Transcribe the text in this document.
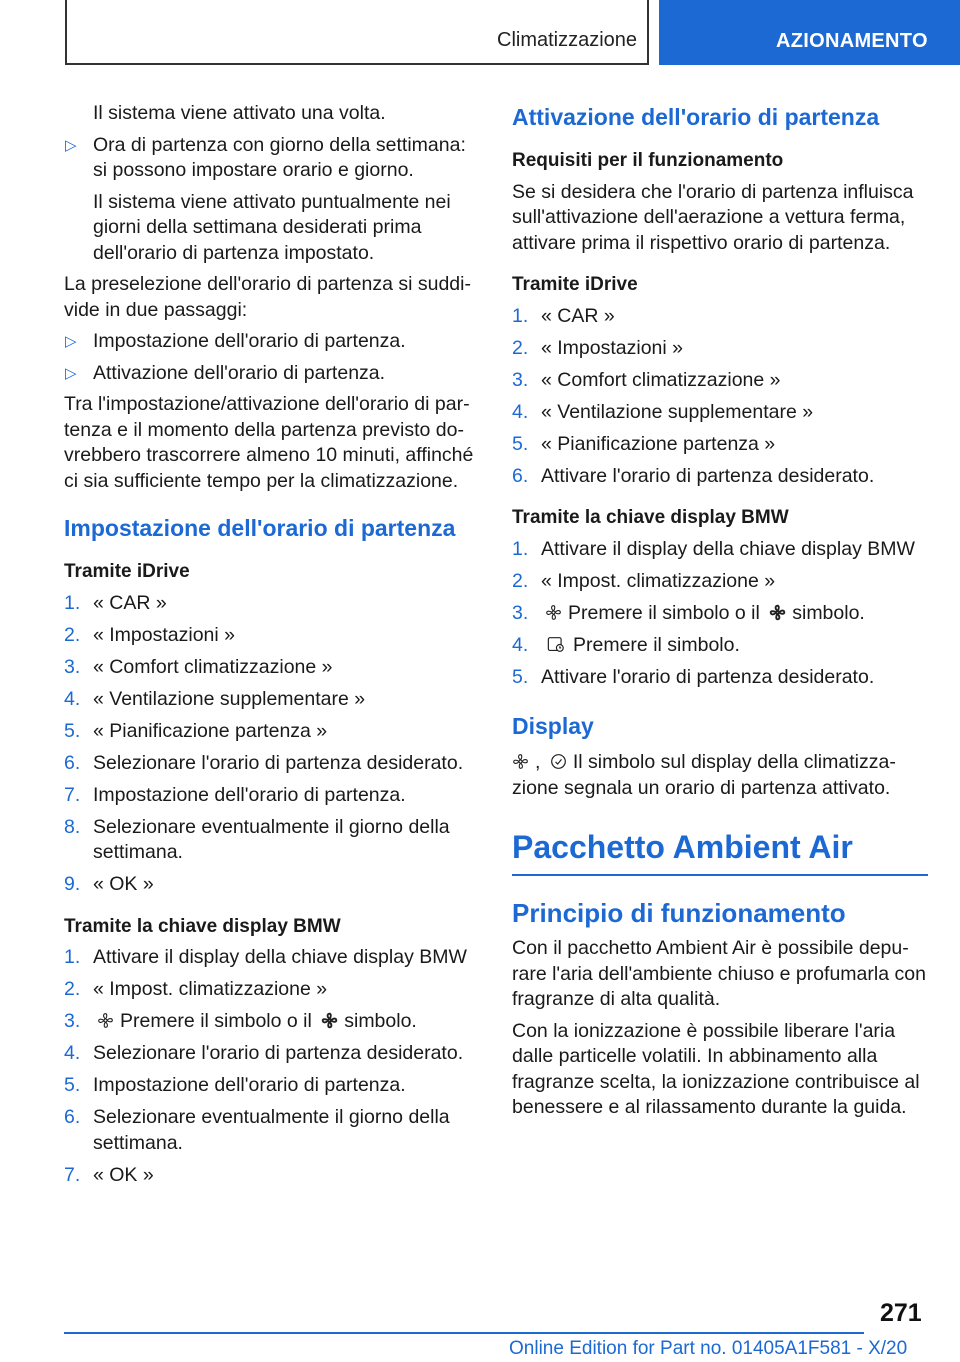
Climatizzazione	AZIONAMENTO

Il sistema viene attivato una volta.

▷ Ora di partenza con giorno della settimana: si possono impostare orario e giorno.

Il sistema viene attivato puntualmente nei giorni della settimana desiderati prima dell'orario di partenza impostato.

La preselezione dell'orario di partenza si suddivide in due passaggi:

▷ Impostazione dell'orario di partenza.
▷ Attivazione dell'orario di partenza.

Tra l'impostazione/attivazione dell'orario di partenza e il momento della partenza previsto dovrebbero trascorrere almeno 10 minuti, affinché ci sia sufficiente tempo per la climatizzazione.

Impostazione dell'orario di partenza
Tramite iDrive
1. « CAR »
2. « Impostazioni »
3. « Comfort climatizzazione »
4. « Ventilazione supplementare »
5. « Pianificazione partenza »
6. Selezionare l'orario di partenza desiderato.
7. Impostazione dell'orario di partenza.
8. Selezionare eventualmente il giorno della settimana.
9. « OK »
Tramite la chiave display BMW
1. Attivare il display della chiave display BMW
2. « Impost. climatizzazione »
3. Premere il simbolo o il simbolo.
4. Selezionare l'orario di partenza desiderato.
5. Impostazione dell'orario di partenza.
6. Selezionare eventualmente il giorno della settimana.
7. « OK »
Attivazione dell'orario di partenza
Requisiti per il funzionamento

Se si desidera che l'orario di partenza influisca sull'attivazione dell'aerazione a vettura ferma, attivare prima il rispettivo orario di partenza.

Tramite iDrive
1. « CAR »
2. « Impostazioni »
3. « Comfort climatizzazione »
4. « Ventilazione supplementare »
5. « Pianificazione partenza »
6. Attivare l'orario di partenza desiderato.
Tramite la chiave display BMW
1. Attivare il display della chiave display BMW
2. « Impost. climatizzazione »
3. Premere il simbolo o il simbolo.
4. Premere il simbolo.
5. Attivare l'orario di partenza desiderato.
Display

, Il simbolo sul display della climatizzazione segnala un orario di partenza attivato.

Pacchetto Ambient Air
Principio di funzionamento

Con il pacchetto Ambient Air è possibile depurare l'aria dell'ambiente chiuso e profumarla con fragranze di alta qualità.

Con la ionizzazione è possibile liberare l'aria dalle particelle volatili. In abbinamento alla fragranze scelta, la ionizzazione contribuisce al benessere e al rilassamento durante la guida.

271
Online Edition for Part no. 01405A1F581 - X/20
